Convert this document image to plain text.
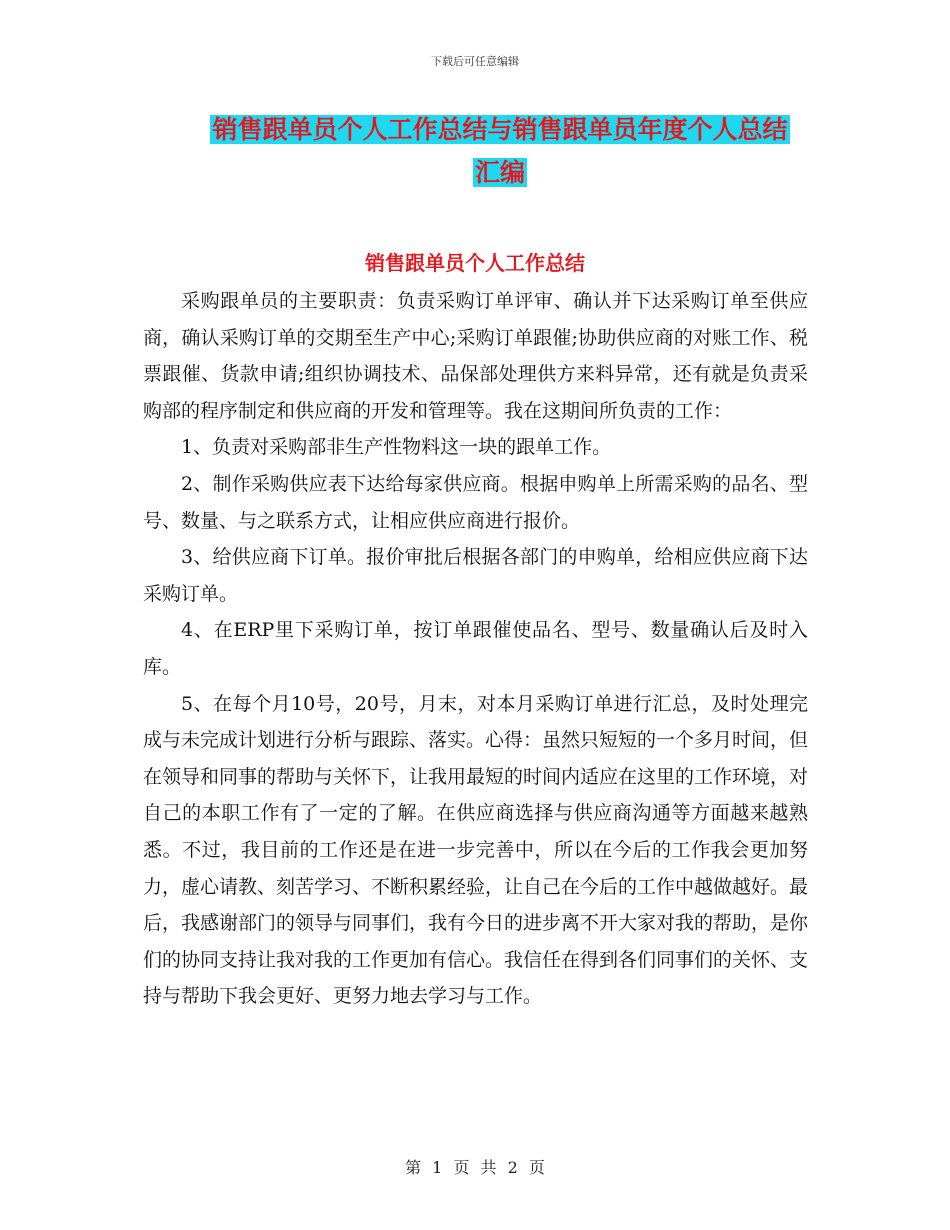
下载后可任意编辑
销售跟单员个人工作总结与销售跟单员年度个人总结
汇编
销售跟单员个人工作总结

采购跟单员的主要职责：负责采购订单评审、确认并下达采购订单至供应商，确认采购订单的交期至生产中心;采购订单跟催;协助供应商的对账工作、税票跟催、货款申请;组织协调技术、品保部处理供方来料异常，还有就是负责采购部的程序制定和供应商的开发和管理等。我在这期间所负责的工作：

1、负责对采购部非生产性物料这一块的跟单工作。

2、制作采购供应表下达给每家供应商。根据申购单上所需采购的品名、型号、数量、与之联系方式，让相应供应商进行报价。

3、给供应商下订单。报价审批后根据各部门的申购单，给相应供应商下达采购订单。

4、在ERP里下采购订单，按订单跟催使品名、型号、数量确认后及时入库。

5、在每个月10号，20号，月末，对本月采购订单进行汇总，及时处理完成与未完成计划进行分析与跟踪、落实。心得：虽然只短短的一个多月时间，但在领导和同事的帮助与关怀下，让我用最短的时间内适应在这里的工作环境，对自己的本职工作有了一定的了解。在供应商选择与供应商沟通等方面越来越熟悉。不过，我目前的工作还是在进一步完善中，所以在今后的工作我会更加努力，虚心请教、刻苦学习、不断积累经验，让自己在今后的工作中越做越好。最后，我感谢部门的领导与同事们，我有今日的进步离不开大家对我的帮助，是你们的协同支持让我对我的工作更加有信心。我信任在得到各们同事们的关怀、支持与帮助下我会更好、更努力地去学习与工作。

第 1 页 共 2 页
